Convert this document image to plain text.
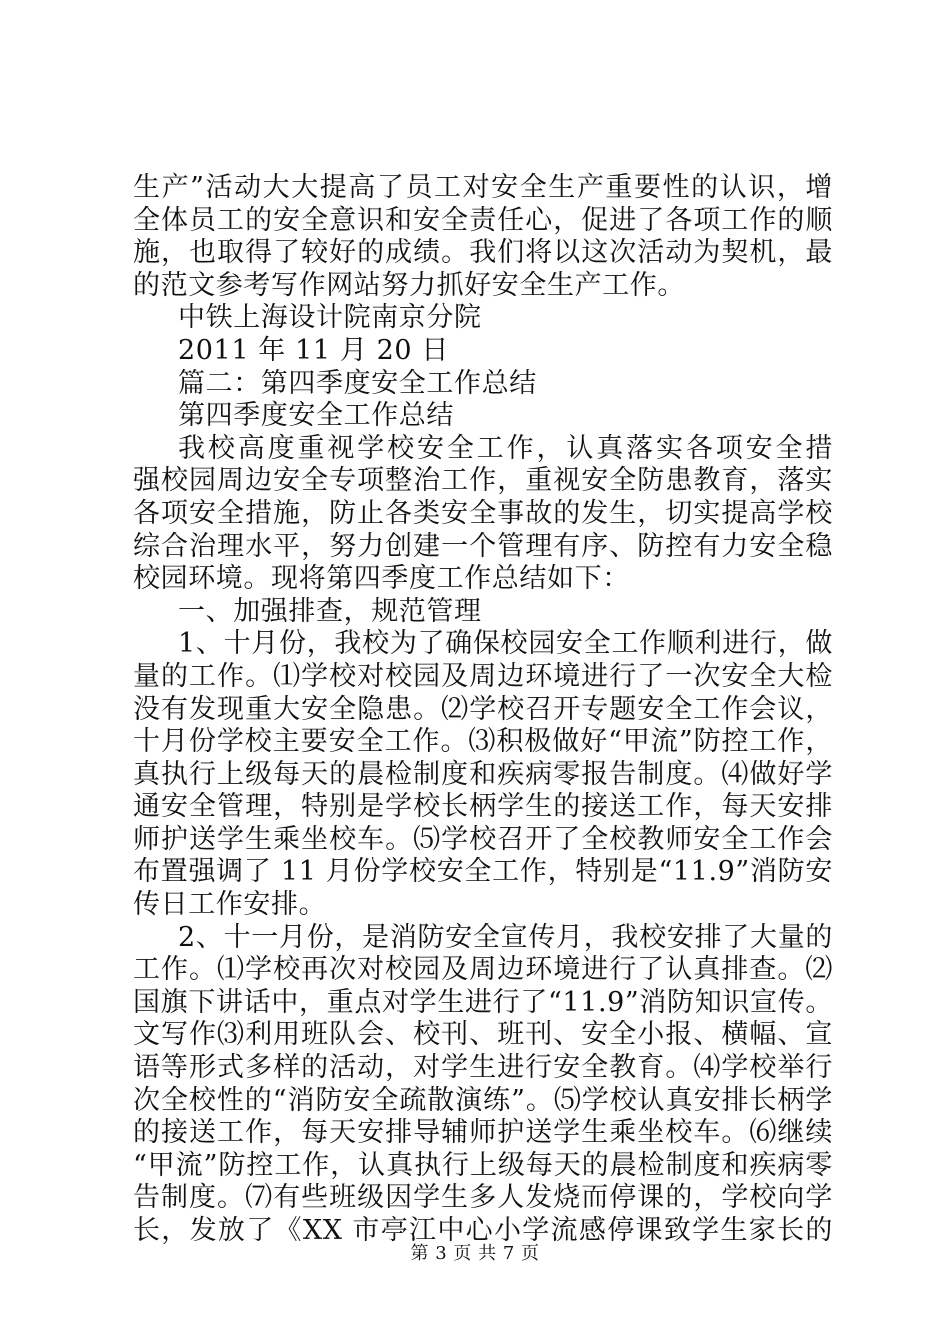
生产”活动大大提高了员工对安全生产重要性的认识，增
全体员工的安全意识和安全责任心，促进了各项工作的顺
施，也取得了较好的成绩。我们将以这次活动为契机，最
的范文参考写作网站努力抓好安全生产工作。
中铁上海设计院南京分院
2011 年 11 月 20 日
篇二：第四季度安全工作总结
第四季度安全工作总结
我校高度重视学校安全工作，认真落实各项安全措
强校园周边安全专项整治工作，重视安全防患教育，落实
各项安全措施，防止各类安全事故的发生，切实提高学校
综合治理水平，努力创建一个管理有序、防控有力安全稳
校园环境。现将第四季度工作总结如下：
一、加强排查，规范管理
1、十月份，我校为了确保校园安全工作顺利进行，做
量的工作。⑴学校对校园及周边环境进行了一次安全大检
没有发现重大安全隐患。⑵学校召开专题安全工作会议，
十月份学校主要安全工作。⑶积极做好“甲流”防控工作，
真执行上级每天的晨检制度和疾病零报告制度。⑷做好学
通安全管理，特别是学校长柄学生的接送工作，每天安排
师护送学生乘坐校车。⑸学校召开了全校教师安全工作会
布置强调了 11 月份学校安全工作，特别是“11.9”消防安
传日工作安排。
2、十一月份，是消防安全宣传月，我校安排了大量的
工作。⑴学校再次对校园及周边环境进行了认真排查。⑵
国旗下讲话中，重点对学生进行了“11.9”消防知识宣传。
文写作⑶利用班队会、校刊、班刊、安全小报、横幅、宣
语等形式多样的活动，对学生进行安全教育。⑷学校举行
次全校性的“消防安全疏散演练”。⑸学校认真安排长柄学
的接送工作，每天安排导辅师护送学生乘坐校车。⑹继续
“甲流”防控工作，认真执行上级每天的晨检制度和疾病零
告制度。⑺有些班级因学生多人发烧而停课的，学校向学
长，发放了《XX 市亭江中心小学流感停课致学生家长的
第 3 页 共 7 页
